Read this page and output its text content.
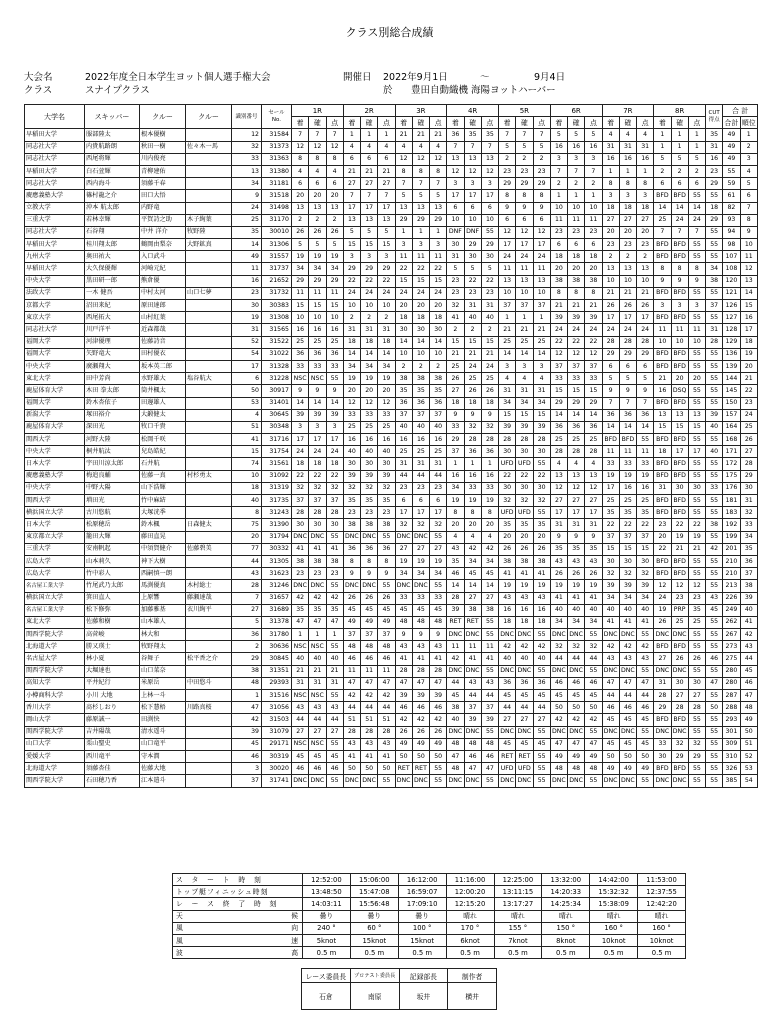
クラス別総合成績
大会名	2022年度全日本学生ヨット個人選手権大会
クラス	スナイプクラス
開催日 2022年9月1日	～	9月4日
於 豊田自動織機 海陽ヨットハーバー
大学名	スキッパー	クルー	クルー	識別番号	セール
No.	1R			2R			3R			4R			5R			6R			7R			8R			CUT
得点	合 計	
						着	確	点	着	確	点	着	確	点	着	確	点	着	確	点	着	確	点	着	確	点	着	確	点		合計	順位
早稲田大学	服部陸太	根本優樹		12	31584	7	7	7	1	1	1	21	21	21	36	35	35	7	7	7	5	5	5	4	4	4	1	1	1	35	49	1
同志社大学	内貴航路朗	秋田一樹	佐々木一馬	32	31373	12	12	12	4	4	4	4	4	4	7	7	7	5	5	5	16	16	16	31	31	31	1	1	1	31	49	2
同志社大学	西尾将輝	川内俊亮		33	31363	8	8	8	6	6	6	12	12	12	13	13	13	2	2	2	3	3	3	16	16	16	5	5	5	16	49	3
早稲田大学	白石萱輝	青柳建佑		13	31380	4	4	4	21	21	21	8	8	8	12	12	12	23	23	23	7	7	7	1	1	1	2	2	2	23	55	4
同志社大学	西内海斗	須藤千春		34	31181	6	6	6	27	27	27	7	7	7	3	3	3	29	29	29	2	2	2	8	8	8	6	6	6	29	59	5
慶應義塾大学	篠村龍之介	田口大悟		9	31518	20	20	20	7	7	7	5	5	5	17	17	17	8	8	8	1	1	1	3	3	3	BFD	BFD	55	55	61	6
立教大学	沖本 航太郎	内野竜		24	31498	13	13	13	17	17	17	13	13	13	6	6	6	9	9	9	10	10	10	18	18	18	14	14	14	18	82	7
三重大学	若林幸輝	平賀詩之助	木子絢葉	25	31170	2	2	2	13	13	13	29	29	29	10	10	10	6	6	6	11	11	11	27	27	27	25	24	24	29	93	8
同志社大学	石谷翔	中井 洋介	牧野陸	35	30010	26	26	26	5	5	5	1	1	1	DNF	DNF	55	12	12	12	23	23	23	20	20	20	7	7	7	55	94	9
早稲田大学	桂川翔太郎	鶴岡由梨奈	大野鉱真	14	31306	5	5	5	15	15	15	3	3	3	30	29	29	17	17	17	6	6	6	23	23	23	BFD	BFD	55	55	98	10
九州大学	奥田祐大	入口武斗		49	31557	19	19	19	3	3	3	11	11	11	31	30	30	24	24	24	18	18	18	2	2	2	BFD	BFD	55	55	107	11
早稲田大学	大久保優輝	河崎元紀		11	31737	34	34	34	29	29	29	22	22	22	5	5	5	11	11	11	20	20	20	13	13	13	8	8	8	34	108	12
中央大学	黒田研一郎	熊倉優		16	21652	29	29	29	22	22	22	15	15	15	23	22	22	13	13	13	38	38	38	10	10	10	9	9	9	38	120	13
法政大学	一木 健吾	中村太河	山口七夢	23	31732	11	11	11	24	24	24	24	24	24	23	23	23	10	10	10	8	8	8	21	21	21	BFD	BFD	55	55	121	14
京都大学	沼田来紀	原田達郎		30	30383	15	15	15	10	10	10	20	20	20	32	31	31	37	37	37	21	21	21	26	26	26	3	3	3	37	126	15
東京大学	西尾拓大	山村紅葉		19	31308	10	10	10	2	2	2	18	18	18	41	40	40	1	1	1	39	39	39	17	17	17	BFD	BFD	55	55	127	16
同志社大学	川戸洋平	近森都哉		31	31565	16	16	16	31	31	31	30	30	30	2	2	2	21	21	21	24	24	24	24	24	24	11	11	11	31	128	17
福岡大学	河津優理	佐藤詩音		52	31522	25	25	25	18	18	18	14	14	14	15	15	15	25	25	25	22	22	22	28	28	28	10	10	10	28	129	18
福岡大学	矢野竜大	田村優衣		54	31022	36	36	36	14	14	14	10	10	10	21	21	21	14	14	14	12	12	12	29	29	29	BFD	BFD	55	55	136	19
中央大学	廣瀬翔大	坂本英二郎		17	31328	33	33	33	34	34	34	2	2	2	25	24	24	3	3	3	37	37	37	6	6	6	BFD	BFD	55	55	139	20
東北大学	田中芳尚	水野雄大	塩谷航大	6	31228	NSC	NSC	55	19	19	19	38	38	38	26	25	25	4	4	4	33	33	33	5	5	5	21	20	20	55	144	21
鹿屋体育大学	木田 拳太郎	筒井楓太		50	30917	9	9	9	20	20	20	35	35	35	27	26	26	31	31	31	15	15	15	9	9	9	16	DSQ	55	55	145	22
福岡大学	鈴木杏依子	田邊雄人		53	31401	14	14	14	12	12	12	36	36	36	18	18	18	34	34	34	29	29	29	7	7	7	BFD	BFD	55	55	150	23
新潟大学	塚田裕介	大鍛健太		4	30645	39	39	39	33	33	33	37	37	37	9	9	9	15	15	15	14	14	14	36	36	36	13	13	13	39	157	24
鹿屋体育大学	深田光	牧口千貴		51	30348	3	3	3	25	25	25	40	40	40	33	32	32	39	39	39	36	36	36	14	14	14	15	15	15	40	164	25
関西大学	河野大陸	松岡千咲		41	31716	17	17	17	16	16	16	16	16	16	29	28	28	28	28	28	25	25	25	BFD	BFD	55	BFD	BFD	55	55	168	26
中央大学	桐井航汰	兒島皓紀		15	31754	24	24	24	40	40	40	25	25	25	37	36	36	30	30	30	28	28	28	11	11	11	18	17	17	40	171	27
日本大学	宇田川涼太郎	石井航		74	31561	18	18	18	30	30	30	31	31	31	1	1	1	UFD	UFD	55	4	4	4	33	33	33	BFD	BFD	55	55	172	28
慶應義塾大学	梅追良輔	佐藤一真	村杉勇太	10	31092	22	22	22	39	39	39	44	44	44	16	16	16	22	22	22	13	13	13	19	19	19	BFD	BFD	55	55	175	29
中央大学	中野大陽	山下浩輝		18	31319	32	32	32	32	32	32	23	23	23	34	33	33	30	30	30	12	12	12	17	16	16	31	30	30	33	176	30
関西大学	増田光	竹中麻結		40	31735	37	37	37	35	35	35	6	6	6	19	19	19	32	32	32	27	27	27	25	25	25	BFD	BFD	55	55	181	31
横浜国立大学	古川悠航	大塚洸季		8	31243	28	28	28	23	23	23	17	17	17	8	8	8	UFD	UFD	55	17	17	17	35	35	35	BFD	BFD	55	55	183	32
日本大学	松原穂岳	鈴木楓	日森健太	75	31390	30	30	30	38	38	38	32	32	32	20	20	20	35	35	35	31	31	31	22	22	22	23	22	22	38	192	33
東京都立大学	籠田大輝	藤田直晃		20	31794	DNC	DNC	55	DNC	DNC	55	DNC	DNC	55	4	4	4	20	20	20	9	9	9	37	37	37	20	19	19	55	199	34
三重大学	安南帆起	中須賀健介	佐藤碧美	77	30332	41	41	41	36	36	36	27	27	27	43	42	42	26	26	26	35	35	35	15	15	15	22	21	21	42	201	35
広島大学	山本莉久	神下大樹		44	31305	38	38	38	8	8	8	19	19	19	35	34	34	38	38	38	43	43	43	30	30	30	BFD	BFD	55	55	210	36
広島大学	竹中彩人	西嗣慎一朗		43	31623	23	23	23	9	9	9	34	34	34	46	45	45	41	41	41	26	26	26	32	32	32	BFD	BFD	55	55	210	37
名古屋工業大学	竹尾武乃太郎	馬渕優真	木村総士	28	31246	DNC	DNC	55	DNC	DNC	55	DNC	DNC	55	14	14	14	19	19	19	19	19	19	39	39	39	12	12	12	55	213	38
横浜国立大学	箕田直人	上原響	藤瀬達哉	7	31657	42	42	42	26	26	26	33	33	33	28	27	27	43	43	43	41	41	41	34	34	34	24	23	23	43	226	39
名古屋工業大学	松下修弥	加藤雅基	衣川絢平	27	31689	35	35	35	45	45	45	45	45	45	39	38	38	16	16	16	40	40	40	40	40	40	19	PRP	35	45	249	40
東北大学	佐藤和樹	山本雄人		5	31378	47	47	47	49	49	49	48	48	48	RET	RET	55	18	18	18	34	34	34	41	41	41	26	25	25	55	262	41
関西学院大学	高菅峻	林大和		36	31780	1	1	1	37	37	37	9	9	9	DNC	DNC	55	DNC	DNC	55	DNC	DNC	55	DNC	DNC	55	DNC	DNC	55	55	267	42
北海道大学	勝又瑛士	牧野翔太		2	30636	NSC	NSC	55	48	48	48	43	43	43	11	11	11	42	42	42	32	32	32	42	42	42	BFD	BFD	55	55	273	43
名古屋大学	林小夏	谷舞子	松平香之介	29	30845	40	40	40	46	46	46	41	41	41	42	41	41	40	40	40	44	44	44	43	43	43	27	26	26	46	275	44
関西学院大学	大堀達也	山口菜奈		38	31351	21	21	21	11	11	11	28	28	28	DNC	DNC	55	DNC	DNC	55	DNC	DNC	55	DNC	DNC	55	DNC	DNC	55	55	280	45
高知大学	平井紀行	米原岳	中田悠斗	48	29393	31	31	31	47	47	47	47	47	47	44	43	43	36	36	36	46	46	46	47	47	47	31	30	30	47	280	46
小樽商科大学	小川 大地	上林一斗		1	31516	NSC	NSC	55	42	42	42	39	39	39	45	44	44	45	45	45	45	45	45	44	44	44	28	27	27	55	287	47
香川大学	髙杉しおり	松下慧梧	川路真桜	47	31056	43	43	43	44	44	44	46	46	46	38	37	37	44	44	44	50	50	50	46	46	46	29	28	28	50	288	48
岡山大学	藤原誠一	田渕快		42	31503	44	44	44	51	51	51	42	42	42	40	39	39	27	27	27	42	42	42	45	45	45	BFD	BFD	55	55	293	49
関西学院大学	吉井陽哉	清水遥斗		39	31079	27	27	27	28	28	28	26	26	26	DNC	DNC	55	DNC	DNC	55	DNC	DNC	55	DNC	DNC	55	DNC	DNC	55	55	301	50
山口大学	栗山聖史	山口竜平		45	29171	NSC	NSC	55	43	43	43	49	49	49	48	48	48	45	45	45	47	47	47	45	45	45	33	32	32	55	309	51
愛媛大学	西川竜平	守本潤		46	30319	45	45	45	41	41	41	50	50	50	47	46	46	RET	RET	55	49	49	49	50	50	50	30	29	29	55	310	52
北海道大学	須藤杏佳	佐藤大地		3	30020	46	46	46	50	50	50	RET	RET	55	48	47	47	UFD	UFD	55	48	48	48	49	49	49	BFD	BFD	55	55	326	53
関西学院大学	石田穂乃香	江本遣斗		37	31741	DNC	DNC	55	DNC	DNC	55	DNC	DNC	55	DNC	DNC	55	DNC	DNC	55	DNC	DNC	55	DNC	DNC	55	DNC	DNC	55	55	385	54
ス　タ　ー　ト　時　刻	12:52:00	15:06:00	16:12:00	11:16:00	12:25:00	13:32:00	14:42:00	11:53:00
トップ艇フィニッシュ時刻	13:48:50	15:47:08	16:59:07	12:00:20	13:11:15	14:20:33	15:32:32	12:37:55
レ　ー　ス　終　了　時　刻	14:03:11	15:56:48	17:09:10	12:15:20	13:17:27	14:25:34	15:38:09	12:42:20
天 候	曇り	曇り	曇り	晴れ	晴れ	晴れ	晴れ	晴れ
風 向	240 °	60 °	100 °	170 °	155 °	150 °	160 °	160 °
風 速	5knot	15knot	15knot	6knot	7knot	8knot	10knot	10knot
波 高	0.5 m	0.5 m	0.5 m	0.5 m	0.5 m	0.5 m	0.5 m	0.5 m
レース委員長	プロテスト委員長	記録部長	制作者
石倉	南原	坂井	横井
